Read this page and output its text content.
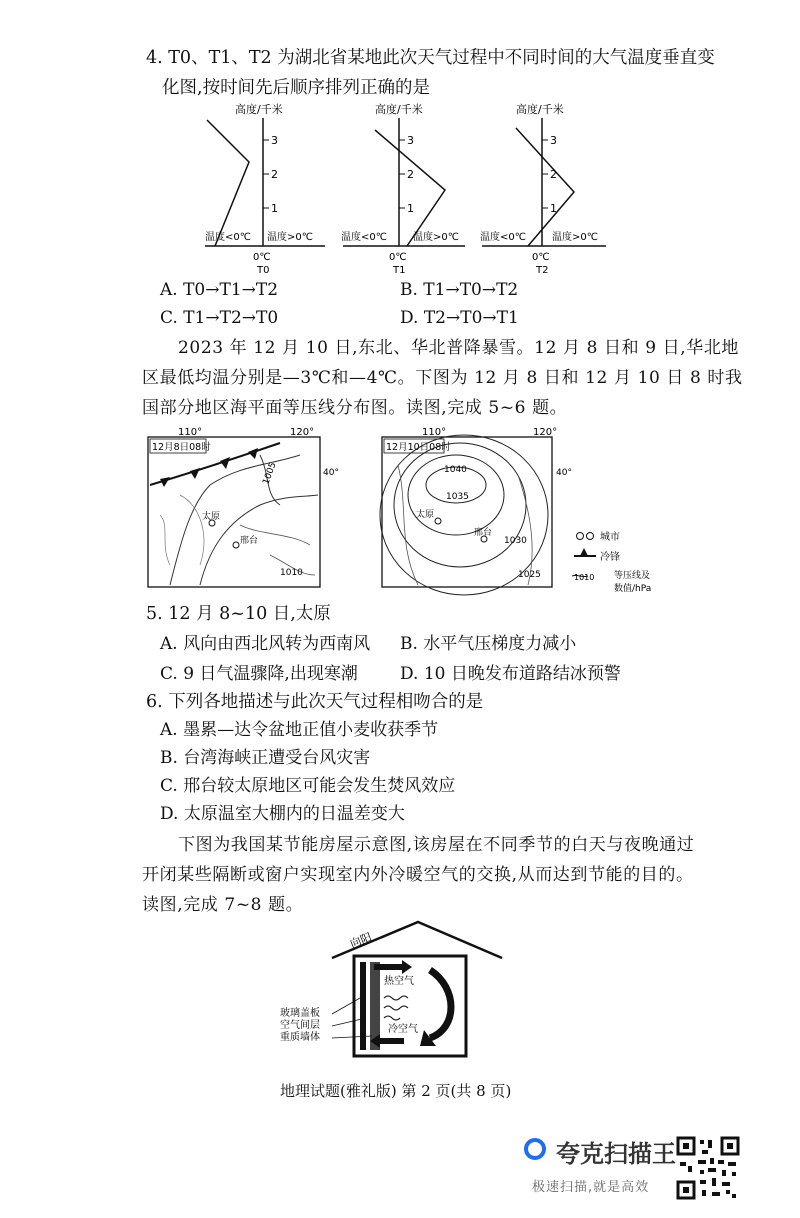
4. T0、T1、T2 为湖北省某地此次天气过程中不同时间的大气温度垂直变
化图,按时间先后顺序排列正确的是
高度/千米
1
2
3
温度<0℃ 温度>0℃
0℃
T0
高度/千米
1
2
3
温度<0℃	温度>0℃
0℃
T1
高度/千米
1
2
3
温度<0℃	温度>0℃
0℃
T2
A. T0→T1→T2	B. T1→T0→T2
C. T1→T2→T0	D. T2→T0→T1
2023 年 12 月 10 日,东北、华北普降暴雪。12 月 8 日和 9 日,华北地
区最低均温分别是—3℃和—4℃。下图为 12 月 8 日和 12 月 10 日 8 时我
国部分地区海平面等压线分布图。读图,完成 5~6 题。
110°	120°
12月8日08时
1005
1010
太原
邢台
40°
110°	120°
12月10日08时
1040
1035
1030
1025
太原
邢台
40°
城市
冷锋
1010 等压线及
数值/hPa
5. 12 月 8~10 日,太原
A. 风向由西北风转为西南风 B. 水平气压梯度力减小
C. 9 日气温骤降,出现寒潮 D. 10 日晚发布道路结冰预警
6. 下列各地描述与此次天气过程相吻合的是
A. 墨累—达令盆地正值小麦收获季节
B. 台湾海峡正遭受台风灾害
C. 邢台较太原地区可能会发生焚风效应
D. 太原温室大棚内的日温差变大
下图为我国某节能房屋示意图,该房屋在不同季节的白天与夜晚通过
开闭某些隔断或窗户实现室内外冷暖空气的交换,从而达到节能的目的。
读图,完成 7~8 题。
向阳
热空气
冷空气
玻璃盖板
空气间层
重质墙体
地理试题(雅礼版) 第 2 页(共 8 页)
夸克扫描王
极速扫描,就是高效
